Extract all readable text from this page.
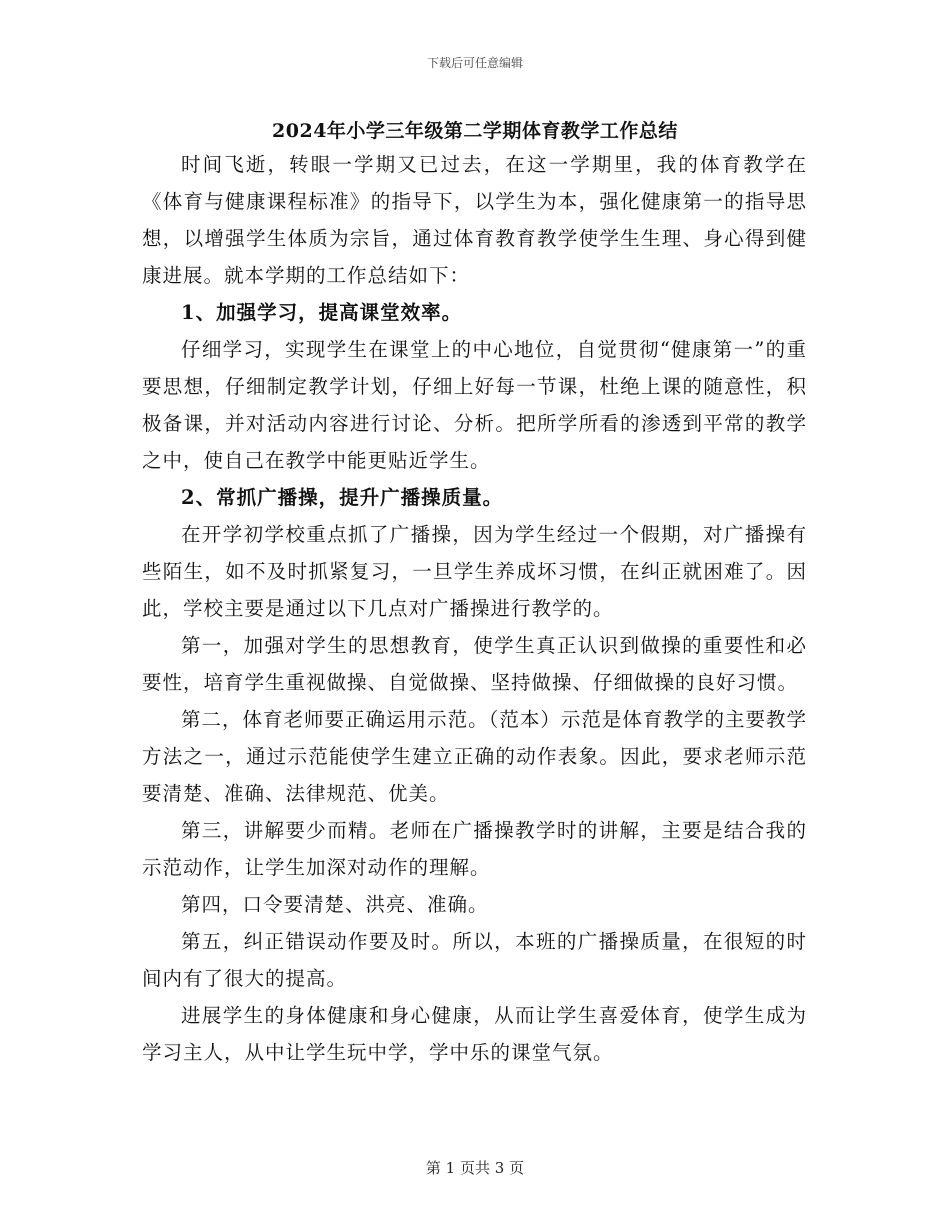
下载后可任意编辑
2024年小学三年级第二学期体育教学工作总结

时间飞逝，转眼一学期又已过去，在这一学期里，我的体育教学在《体育与健康课程标准》的指导下，以学生为本，强化健康第一的指导思想，以增强学生体质为宗旨，通过体育教育教学使学生生理、身心得到健康进展。就本学期的工作总结如下：

1、加强学习，提高课堂效率。

仔细学习，实现学生在课堂上的中心地位，自觉贯彻“健康第一”的重要思想，仔细制定教学计划，仔细上好每一节课，杜绝上课的随意性，积极备课，并对活动内容进行讨论、分析。把所学所看的渗透到平常的教学之中，使自己在教学中能更贴近学生。

2、常抓广播操，提升广播操质量。

在开学初学校重点抓了广播操，因为学生经过一个假期，对广播操有些陌生，如不及时抓紧复习，一旦学生养成坏习惯，在纠正就困难了。因此，学校主要是通过以下几点对广播操进行教学的。

第一，加强对学生的思想教育，使学生真正认识到做操的重要性和必要性，培育学生重视做操、自觉做操、坚持做操、仔细做操的良好习惯。

第二，体育老师要正确运用示范。（范本）示范是体育教学的主要教学方法之一，通过示范能使学生建立正确的动作表象。因此，要求老师示范要清楚、准确、法律规范、优美。

第三，讲解要少而精。老师在广播操教学时的讲解，主要是结合我的示范动作，让学生加深对动作的理解。

第四，口令要清楚、洪亮、准确。

第五，纠正错误动作要及时。所以，本班的广播操质量，在很短的时间内有了很大的提高。

进展学生的身体健康和身心健康，从而让学生喜爱体育，使学生成为学习主人，从中让学生玩中学，学中乐的课堂气氛。

第 1 页共 3 页
